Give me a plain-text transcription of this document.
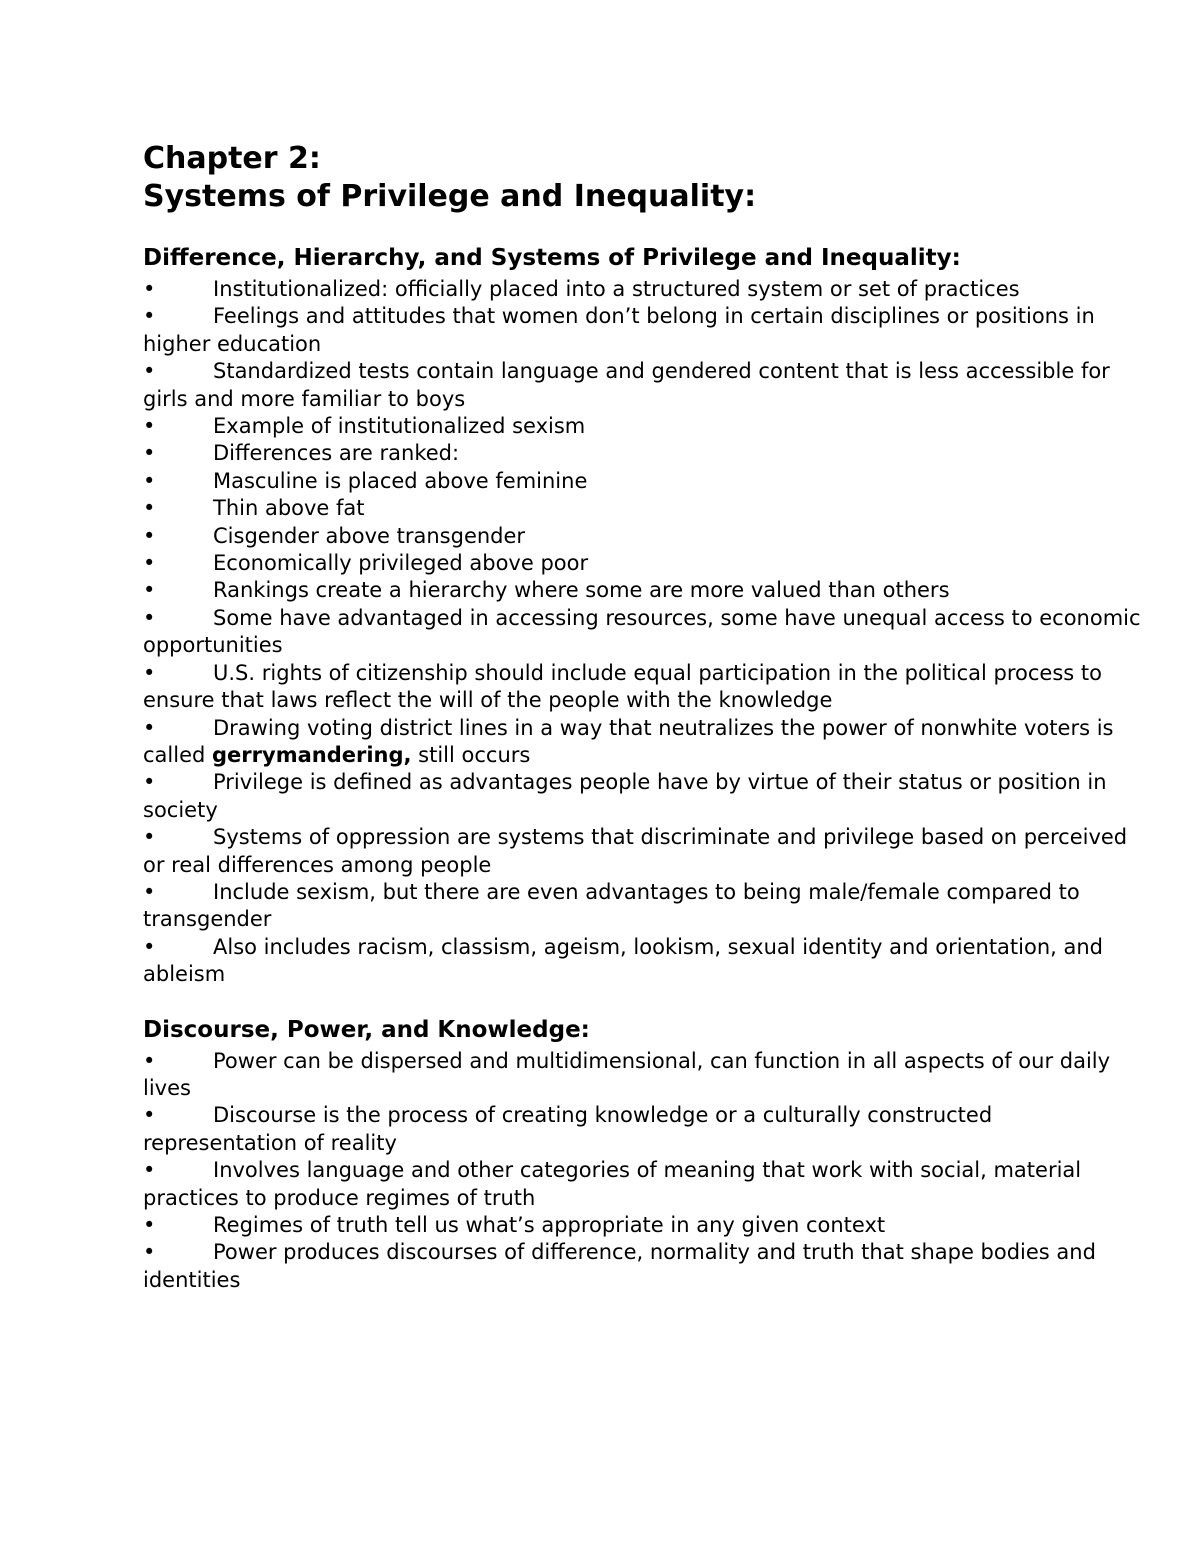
Chapter 2:
Systems of Privilege and Inequality:
Difference, Hierarchy, and Systems of Privilege and Inequality:
•	Institutionalized: officially placed into a structured system or set of practices
•	Feelings and attitudes that women don’t belong in certain disciplines or positions in higher education
•	Standardized tests contain language and gendered content that is less accessible for girls and more familiar to boys
•	Example of institutionalized sexism
•	Differences are ranked:
•	Masculine is placed above feminine
•	Thin above fat
•	Cisgender above transgender
•	Economically privileged above poor
•	Rankings create a hierarchy where some are more valued than others
•	Some have advantaged in accessing resources, some have unequal access to economic opportunities
•	U.S. rights of citizenship should include equal participation in the political process to ensure that laws reflect the will of the people with the knowledge
•	Drawing voting district lines in a way that neutralizes the power of nonwhite voters is called gerrymandering, still occurs
•	Privilege is defined as advantages people have by virtue of their status or position in society
•	Systems of oppression are systems that discriminate and privilege based on perceived or real differences among people
•	Include sexism, but there are even advantages to being male/female compared to transgender
•	Also includes racism, classism, ageism, lookism, sexual identity and orientation, and ableism
Discourse, Power, and Knowledge:
•	Power can be dispersed and multidimensional, can function in all aspects of our daily lives
•	Discourse is the process of creating knowledge or a culturally constructed representation of reality
•	Involves language and other categories of meaning that work with social, material practices to produce regimes of truth
•	Regimes of truth tell us what’s appropriate in any given context
•	Power produces discourses of difference, normality and truth that shape bodies and identities
